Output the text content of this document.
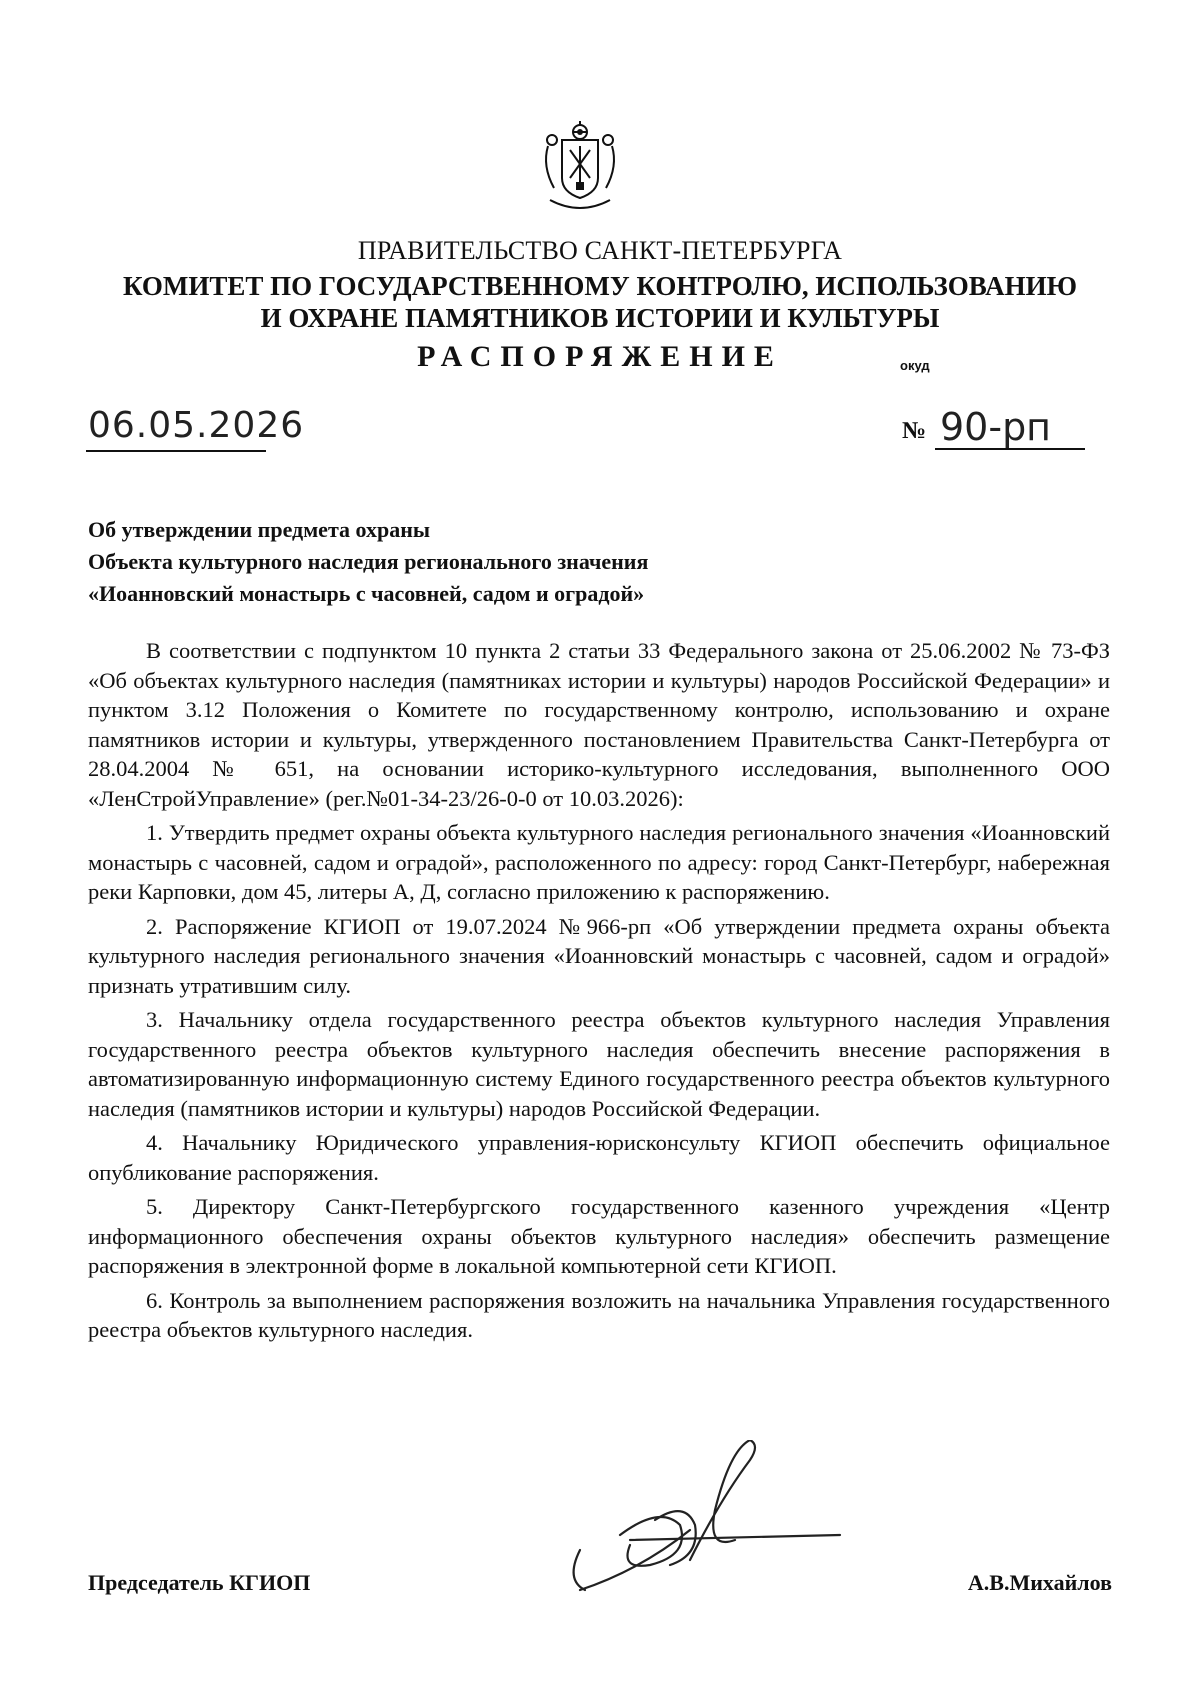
ПРАВИТЕЛЬСТВО САНКТ-ПЕТЕРБУРГА
КОМИТЕТ ПО ГОСУДАРСТВЕННОМУ КОНТРОЛЮ, ИСПОЛЬЗОВАНИЮ
И ОХРАНЕ ПАМЯТНИКОВ ИСТОРИИ И КУЛЬТУРЫ
РАСПОРЯЖЕНИЕ	окуд
06.05.2026	№ 90-рп
Об утверждении предмета охраны
Объекта культурного наследия регионального значения
«Иоанновский монастырь с часовней, садом и оградой»

В соответствии с подпунктом 10 пункта 2 статьи 33 Федерального закона от 25.06.2002 № 73-ФЗ «Об объектах культурного наследия (памятниках истории и культуры) народов Российской Федерации» и пунктом 3.12 Положения о Комитете по государственному контролю, использованию и охране памятников истории и культуры, утвержденного постановлением Правительства Санкт-Петербурга от 28.04.2004 № 651, на основании историко-культурного исследования, выполненного ООО «ЛенСтройУправление» (рег.№01-34-23/26-0-0 от 10.03.2026):

1. Утвердить предмет охраны объекта культурного наследия регионального значения «Иоанновский монастырь с часовней, садом и оградой», расположенного по адресу: город Санкт-Петербург, набережная реки Карповки, дом 45, литеры А, Д, согласно приложению к распоряжению.

2. Распоряжение КГИОП от 19.07.2024 №966-рп «Об утверждении предмета охраны объекта культурного наследия регионального значения «Иоанновский монастырь с часовней, садом и оградой» признать утратившим силу.

3. Начальнику отдела государственного реестра объектов культурного наследия Управления государственного реестра объектов культурного наследия обеспечить внесение распоряжения в автоматизированную информационную систему Единого государственного реестра объектов культурного наследия (памятников истории и культуры) народов Российской Федерации.

4. Начальнику Юридического управления-юрисконсульту КГИОП обеспечить официальное опубликование распоряжения.

5. Директору Санкт-Петербургского государственного казенного учреждения «Центр информационного обеспечения охраны объектов культурного наследия» обеспечить размещение распоряжения в электронной форме в локальной компьютерной сети КГИОП.

6. Контроль за выполнением распоряжения возложить на начальника Управления государственного реестра объектов культурного наследия.

Председатель КГИОП	А.В.Михайлов
